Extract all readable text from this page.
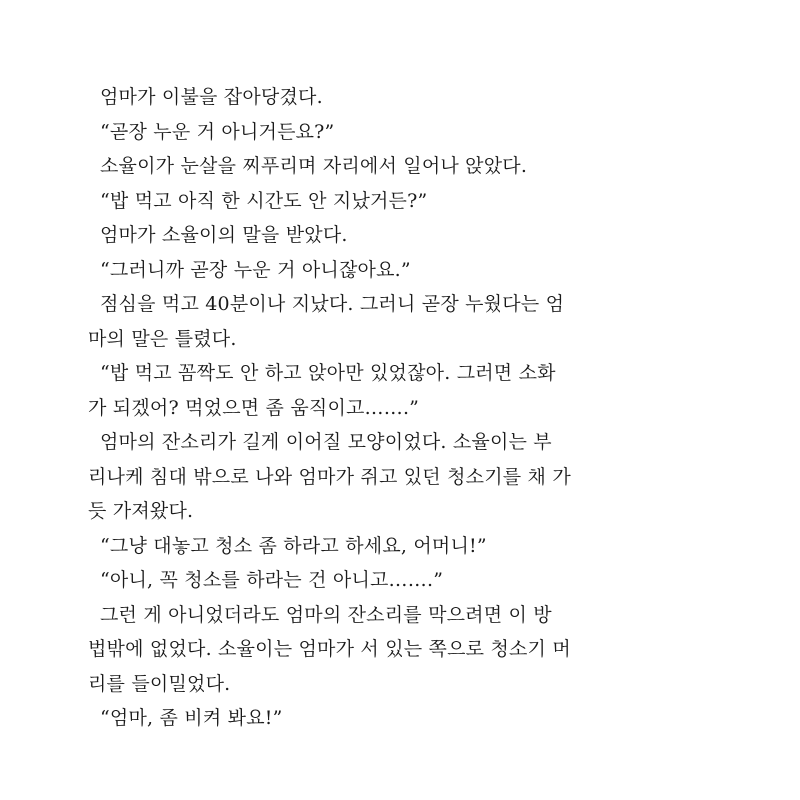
엄마가 이불을 잡아당겼다.

“곧장 누운 거 아니거든요?”

소율이가 눈살을 찌푸리며 자리에서 일어나 앉았다.

“밥 먹고 아직 한 시간도 안 지났거든?”

엄마가 소율이의 말을 받았다.

“그러니까 곧장 누운 거 아니잖아요.”

점심을 먹고 40분이나 지났다. 그러니 곧장 누웠다는 엄
마의 말은 틀렸다.

“밥 먹고 꼼짝도 안 하고 앉아만 있었잖아. 그러면 소화
가 되겠어? 먹었으면 좀 움직이고…….”

엄마의 잔소리가 길게 이어질 모양이었다. 소율이는 부
리나케 침대 밖으로 나와 엄마가 쥐고 있던 청소기를 채 가
듯 가져왔다.

“그냥 대놓고 청소 좀 하라고 하세요, 어머니!”

“아니, 꼭 청소를 하라는 건 아니고…….”

그런 게 아니었더라도 엄마의 잔소리를 막으려면 이 방
법밖에 없었다. 소율이는 엄마가 서 있는 쪽으로 청소기 머
리를 들이밀었다.

“엄마, 좀 비켜 봐요!”
